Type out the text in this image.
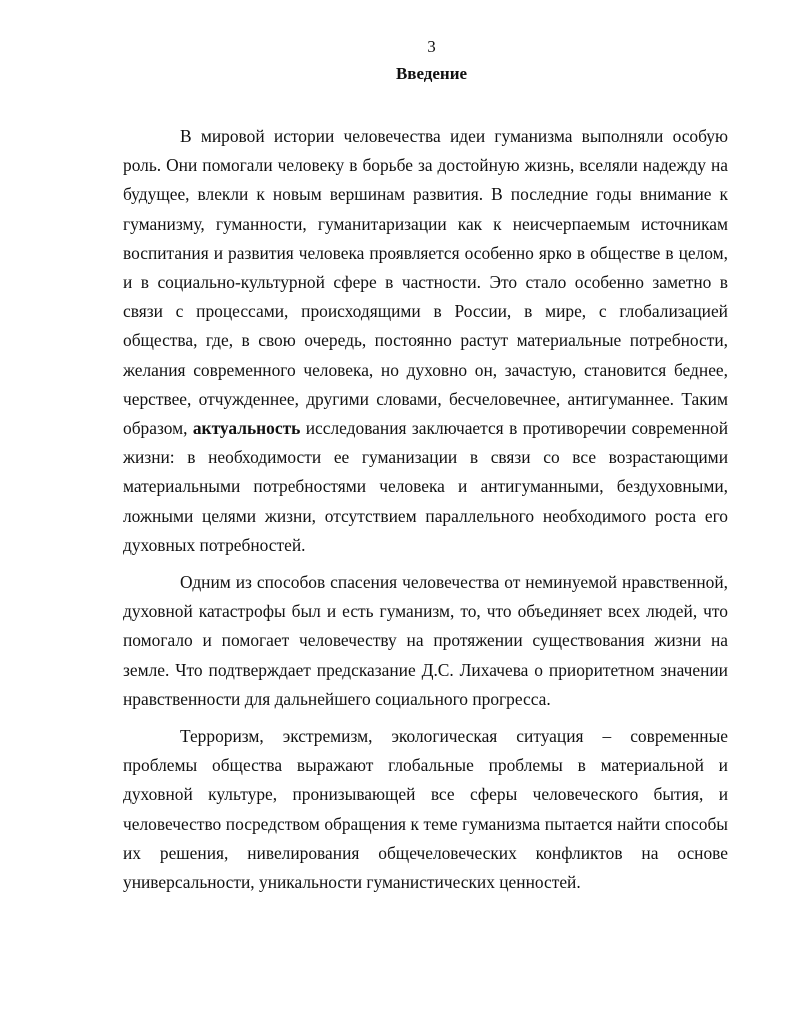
3
Введение

В мировой истории человечества идеи гуманизма выполняли особую роль. Они помогали человеку в борьбе за достойную жизнь, вселяли надежду на будущее, влекли к новым вершинам развития. В последние годы внимание к гуманизму, гуманности, гуманитаризации как к неисчерпаемым источникам воспитания и развития человека проявляется особенно ярко в обществе в целом, и в социально-культурной сфере в частности. Это стало особенно заметно в связи с процессами, происходящими в России, в мире, с глобализацией общества, где, в свою очередь, постоянно растут материальные потребности, желания современного человека, но духовно он, зачастую, становится беднее, черствее, отчужденнее, другими словами, бесчеловечнее, антигуманнее. Таким образом, актуальность исследования заключается в противоречии современной жизни: в необходимости ее гуманизации в связи со все возрастающими материальными потребностями человека и антигуманными, бездуховными, ложными целями жизни, отсутствием параллельного необходимого роста его духовных потребностей.

Одним из способов спасения человечества от неминуемой нравственной, духовной катастрофы был и есть гуманизм, то, что объединяет всех людей, что помогало и помогает человечеству на протяжении существования жизни на земле. Что подтверждает предсказание Д.С. Лихачева о приоритетном значении нравственности для дальнейшего социального прогресса.

Терроризм, экстремизм, экологическая ситуация – современные проблемы общества выражают глобальные проблемы в материальной и духовной культуре, пронизывающей все сферы человеческого бытия, и человечество посредством обращения к теме гуманизма пытается найти способы их решения, нивелирования общечеловеческих конфликтов на основе универсальности, уникальности гуманистических ценностей.
